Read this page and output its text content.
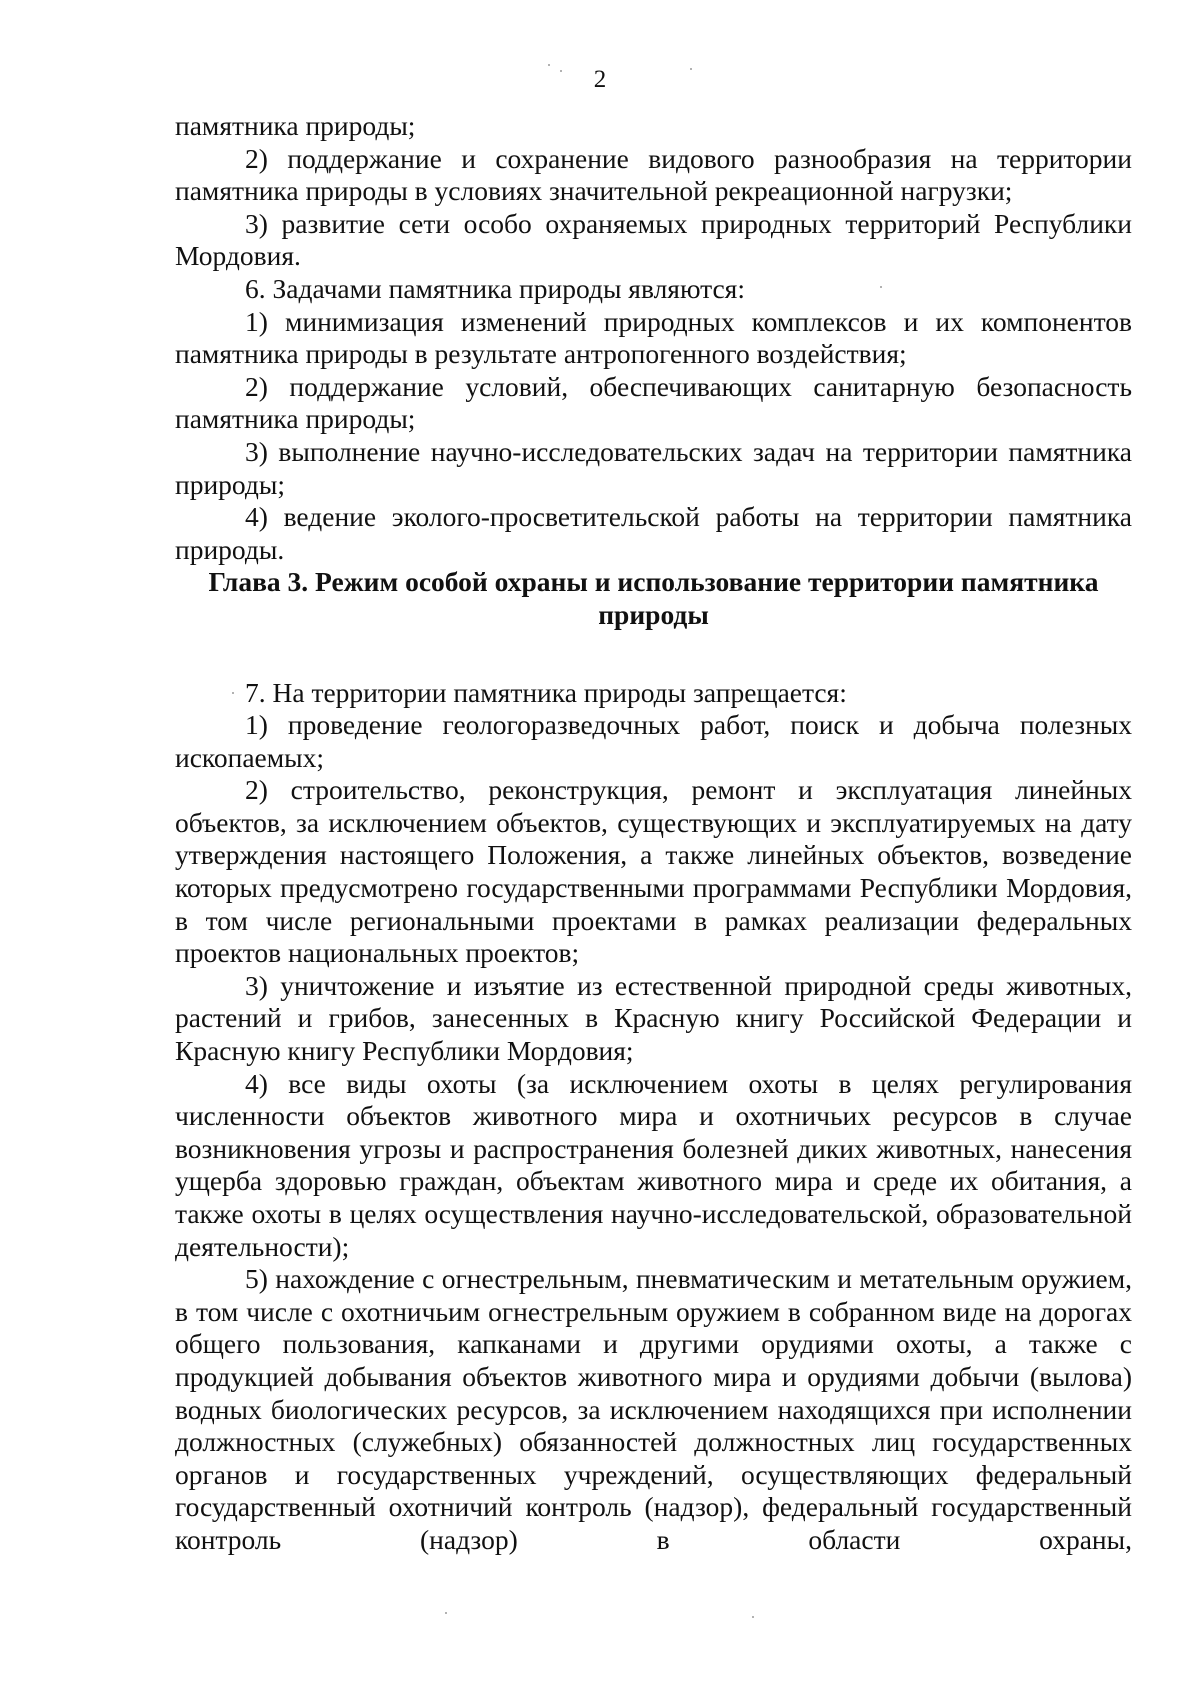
2

памятника природы;

2) поддержание и сохранение видового разнообразия на территории памятника природы в условиях значительной рекреационной нагрузки;

3) развитие сети особо охраняемых природных территорий Республики Мордовия.

6. Задачами памятника природы являются:

1) минимизация изменений природных комплексов и их компонентов памятника природы в результате антропогенного воздействия;

2) поддержание условий, обеспечивающих санитарную безопасность памятника природы;

3) выполнение научно-исследовательских задач на территории памятника природы;

4) ведение эколого-просветительской работы на территории памятника природы.

Глава 3. Режим особой охраны и использование территории памятника природы

7. На территории памятника природы запрещается:

1) проведение геологоразведочных работ, поиск и добыча полезных ископаемых;

2) строительство, реконструкция, ремонт и эксплуатация линейных объектов, за исключением объектов, существующих и эксплуатируемых на дату утверждения настоящего Положения, а также линейных объектов, возведение которых предусмотрено государственными программами Республики Мордовия, в том числе региональными проектами в рамках реализации федеральных проектов национальных проектов;

3) уничтожение и изъятие из естественной природной среды животных, растений и грибов, занесенных в Красную книгу Российской Федерации и Красную книгу Республики Мордовия;

4) все виды охоты (за исключением охоты в целях регулирования численности объектов животного мира и охотничьих ресурсов в случае возникновения угрозы и распространения болезней диких животных, нанесения ущерба здоровью граждан, объектам животного мира и среде их обитания, а также охоты в целях осуществления научно-исследовательской, образовательной деятельности);

5) нахождение с огнестрельным, пневматическим и метательным оружием, в том числе с охотничьим огнестрельным оружием в собранном виде на дорогах общего пользования, капканами и другими орудиями охоты, а также с продукцией добывания объектов животного мира и орудиями добычи (вылова) водных биологических ресурсов, за исключением находящихся при исполнении должностных (служебных) обязанностей должностных лиц государственных органов и государственных учреждений, осуществляющих федеральный государственный охотничий контроль (надзор), федеральный государственный контроль (надзор) в области охраны,
